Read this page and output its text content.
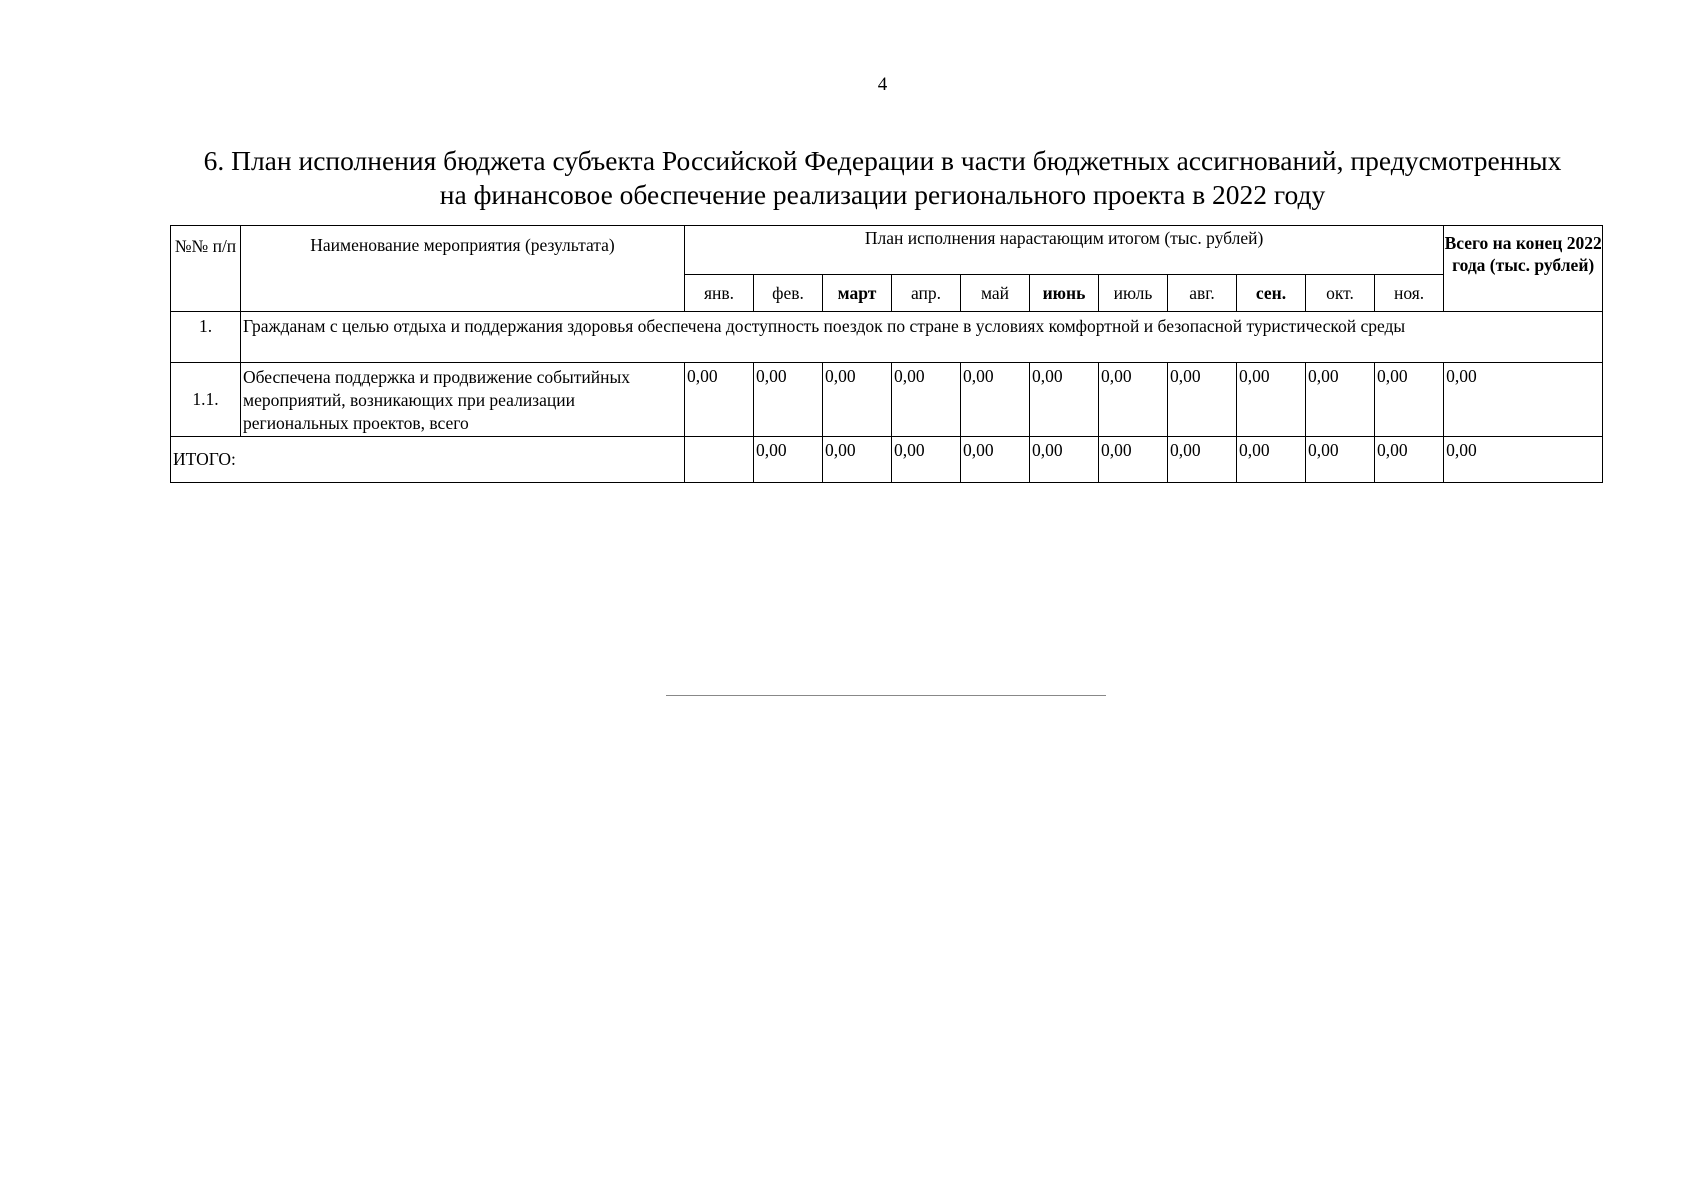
4
6. План исполнения бюджета субъекта Российской Федерации в части бюджетных ассигнований, предусмотренных
на финансовое обеспечение реализации регионального проекта в 2022 году
№№ п/п	Наименование мероприятия (результата)	План исполнения нарастающим итогом (тыс. рублей)											Всего на конец 2022 года (тыс. рублей)
		янв.	фев.	март	апр.	май	июнь	июль	авг.	сен.	окт.	ноя.	
1.	Гражданам с целью отдыха и поддержания здоровья обеспечена доступность поездок по стране в условиях комфортной и безопасной туристической среды												
1.1.	Обеспечена поддержка и продвижение событийных мероприятий, возникающих при реализации региональных проектов, всего	0,00	0,00	0,00	0,00	0,00	0,00	0,00	0,00	0,00	0,00	0,00	0,00
ИТОГО:			0,00	0,00	0,00	0,00	0,00	0,00	0,00	0,00	0,00	0,00	0,00
